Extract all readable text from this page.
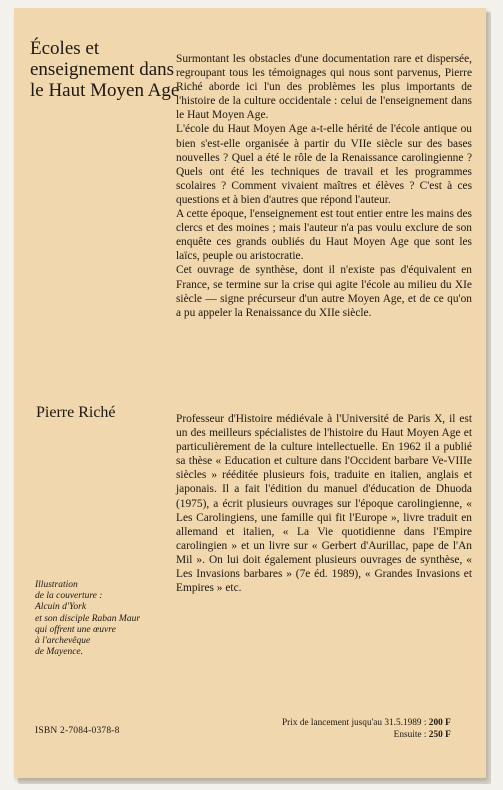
Écoles et enseignement dans le Haut Moyen Age

Surmontant les obstacles d'une documentation rare et dispersée, regroupant tous les témoignages qui nous sont parvenus, Pierre Riché aborde ici l'un des problèmes les plus importants de l'histoire de la culture occidentale : celui de l'enseignement dans le Haut Moyen Age.

L'école du Haut Moyen Age a-t-elle hérité de l'école antique ou bien s'est-elle organisée à partir du VIIe siècle sur des bases nouvelles ? Quel a été le rôle de la Renaissance carolingienne ? Quels ont été les techniques de travail et les programmes scolaires ? Comment vivaient maîtres et élèves ? C'est à ces questions et à bien d'autres que répond l'auteur.

A cette époque, l'enseignement est tout entier entre les mains des clercs et des moines ; mais l'auteur n'a pas voulu exclure de son enquête ces grands oubliés du Haut Moyen Age que sont les laïcs, peuple ou aristocratie.

Cet ouvrage de synthèse, dont il n'existe pas d'équivalent en France, se termine sur la crise qui agite l'école au milieu du XIe siècle — signe précurseur d'un autre Moyen Age, et de ce qu'on a pu appeler la Renaissance du XIIe siècle.

Pierre Riché	Professeur d'Histoire médiévale à l'Université de Paris X, il est un des meilleurs spécialistes de l'histoire du Haut Moyen Age et particulièrement de la culture intellectuelle. En 1962 il a publié sa thèse « Education et culture dans l'Occident barbare Ve-VIIIe siècles » rééditée plusieurs fois, traduite en italien, anglais et japonais. Il a fait l'édition du manuel d'éducation de Dhuoda (1975), a écrit plusieurs ouvrages sur l'époque carolingienne, « Les Carolingiens, une famille qui fit l'Europe », livre traduit en allemand et italien, « La Vie quotidienne dans l'Empire carolingien » et un livre sur « Gerbert d'Aurillac, pape de l'An Mil ». On lui doit également plusieurs ouvrages de synthèse, « Les Invasions barbares » (7e éd. 1989), « Grandes Invasions et Empires » etc.

Illustration
de la couverture :
Alcuin d'York
et son disciple Raban Maur
qui offrent une œuvre
à l'archevêque
de Mayence.
ISBN 2-7084-0378-8
Prix de lancement jusqu'au 31.5.1989 : 200 F
Ensuite : 250 F
